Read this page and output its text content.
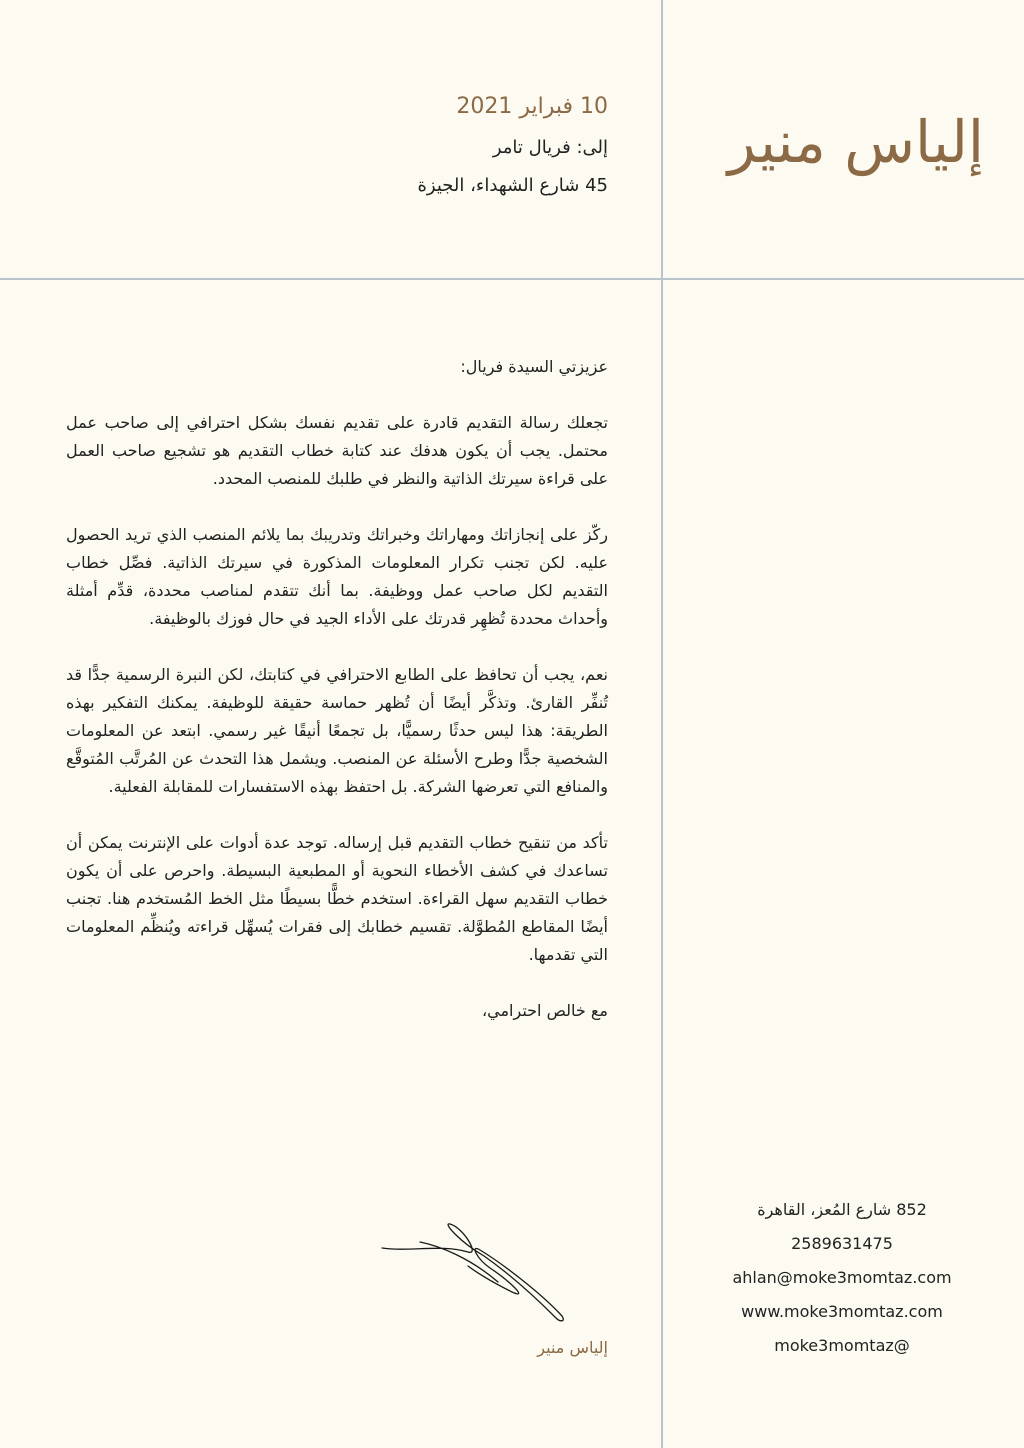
إلياس منير
10 فبراير 2021
إلى: فريال تامر
45 شارع الشهداء، الجيزة

عزيزتي السيدة فريال:

تجعلك رسالة التقديم قادرة على تقديم نفسك بشكل احترافي إلى صاحب عمل محتمل. يجب أن يكون هدفك عند كتابة خطاب التقديم هو تشجيع صاحب العمل على قراءة سيرتك الذاتية والنظر في طلبك للمنصب المحدد.

ركّز على إنجازاتك ومهاراتك وخبراتك وتدريبك بما يلائم المنصب الذي تريد الحصول عليه. لكن تجنب تكرار المعلومات المذكورة في سيرتك الذاتية. فصِّل خطاب التقديم لكل صاحب عمل ووظيفة. بما أنك تتقدم لمناصب محددة، قدِّم أمثلة وأحداث محددة تُظهِر قدرتك على الأداء الجيد في حال فوزك بالوظيفة.

نعم، يجب أن تحافظ على الطابع الاحترافي في كتابتك، لكن النبرة الرسمية جدًّا قد تُنفِّر القارئ. وتذكَّر أيضًا أن تُظهر حماسة حقيقة للوظيفة. يمكنك التفكير بهذه الطريقة: هذا ليس حدثًا رسميًّا، بل تجمعًا أنيقًا غير رسمي. ابتعد عن المعلومات الشخصية جدًّا وطرح الأسئلة عن المنصب. ويشمل هذا التحدث عن المُرتَّب المُتوقَّع والمنافع التي تعرضها الشركة. بل احتفظ بهذه الاستفسارات للمقابلة الفعلية.

تأكد من تنقيح خطاب التقديم قبل إرساله. توجد عدة أدوات على الإنترنت يمكن أن تساعدك في كشف الأخطاء النحوية أو المطبعية البسيطة. واحرص على أن يكون خطاب التقديم سهل القراءة. استخدم خطًّا بسيطًا مثل الخط المُستخدم هنا. تجنب أيضًا المقاطع المُطوَّلة. تقسيم خطابك إلى فقرات يُسهِّل قراءته ويُنظِّم المعلومات التي تقدمها.

مع خالص احترامي،

إلياس منير
852 شارع المُعز، القاهرة
2589631475
ahlan@moke3momtaz.com
www.moke3momtaz.com
moke3momtaz@
